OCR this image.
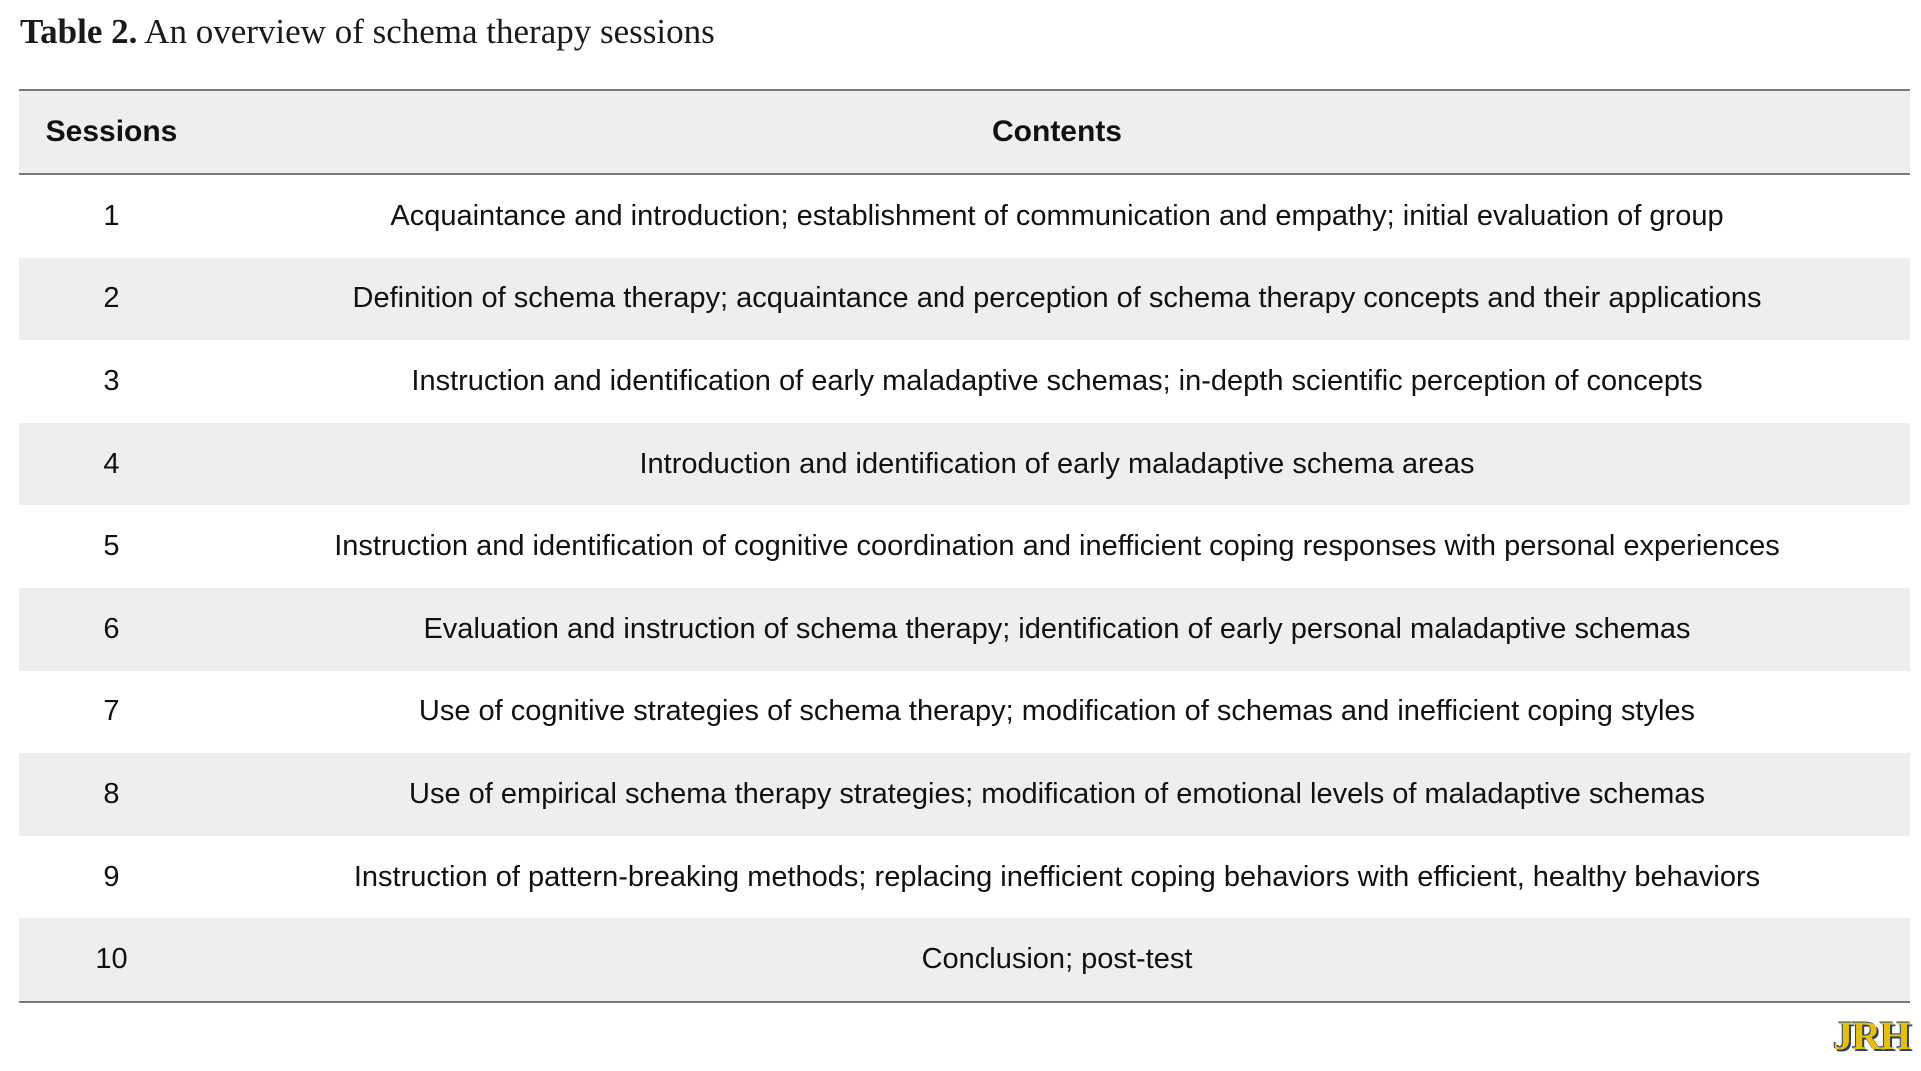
Table 2. An overview of schema therapy sessions
Sessions	Contents
1	Acquaintance and introduction; establishment of communication and empathy; initial evaluation of group
2	Definition of schema therapy; acquaintance and perception of schema therapy concepts and their applications
3	Instruction and identification of early maladaptive schemas; in-depth scientific perception of concepts
4	Introduction and identification of early maladaptive schema areas
5	Instruction and identification of cognitive coordination and inefficient coping responses with personal experiences
6	Evaluation and instruction of schema therapy; identification of early personal maladaptive schemas
7	Use of cognitive strategies of schema therapy; modification of schemas and inefficient coping styles
8	Use of empirical schema therapy strategies; modification of emotional levels of maladaptive schemas
9	Instruction of pattern-breaking methods; replacing inefficient coping behaviors with efficient, healthy behaviors
10	Conclusion; post-test
JRH
